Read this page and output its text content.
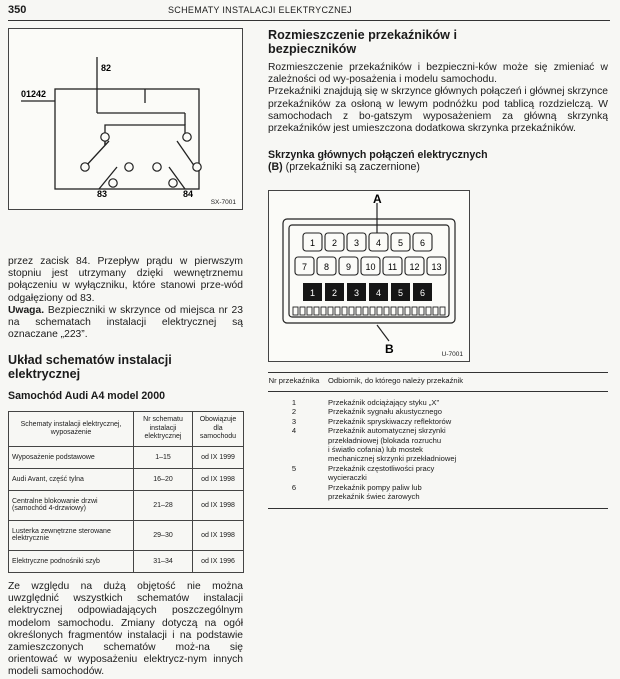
350	SCHEMATY INSTALACJI ELEKTRYCZNEJ
82
01242
83	84
SX-7001

przez zacisk 84. Przepływ prądu w pierwszym stopniu jest utrzymany dzięki wewnętrznemu połączeniu w wyłączniku, które stanowi prze-wód odgałęziony od 83.

Uwaga. Bezpieczniki w skrzynce od miejsca nr 23 na schematach instalacji elektrycznej są oznaczane „223”.

Układ schematów instalacji elektrycznej
Samochód Audi A4 model 2000
Schematy instalacji elektrycznej, wyposażenie	Nr schematu instalacji elektrycznej	Obowiązuje dla samochodu
Wyposażenie podstawowe	1–15	od IX 1999
Audi Avant, część tylna	16–20	od IX 1998
Centralne blokowanie drzwi (samochód 4-drzwiowy)	21–28	od IX 1998
Lusterka zewnętrzne sterowane elektrycznie	29–30	od IX 1998
Elektryczne podnośniki szyb	31–34	od IX 1996

Ze względu na dużą objętość nie można uwzględnić wszystkich schematów instalacji elektrycznej odpowiadających poszczególnym modelom samochodu. Zmiany dotyczą na ogół określonych fragmentów instalacji i na podstawie zamieszczonych schematów moż-na się orientować w wyposażeniu elektrycz-nym innych modeli samochodów.

Rozmieszczenie przekaźników i bezpieczników

Rozmieszczenie przekaźników i bezpieczni-ków może się zmieniać w zależności od wy-posażenia i modelu samochodu.

Przekaźniki znajdują się w skrzynce głównych połączeń i głównej skrzynce przekaźników za osłoną w lewym podnóżku pod tablicą rozdzielczą. W samochodach z bo-gatszym wyposażeniem za główną skrzynką przekaźników jest umieszczona dodatkowa skrzynka przekaźników.

Skrzynka głównych połączeń elektrycznych (B) (przekaźniki są zaczernione)

1 2 3 4 5 6
7 8 9 10 11 12 13
1 2 3 4 5 6
A
B	U-7001
Nr przekaźnika	Odbiornik, do którego należy przekaźnik
1	Przekaźnik odciążający styku „X”
2	Przekaźnik sygnału akustycznego
3	Przekaźnik spryskiwaczy reflektorów
4	Przekaźnik automatycznej skrzynki
	przekładniowej (blokada rozruchu
	i światło cofania) lub mostek
	mechanicznej skrzynki przekładniowej
5	Przekaźnik częstotliwości pracy
	wycieraczki
6	Przekaźnik pompy paliw lub
	przekaźnik świec żarowych
